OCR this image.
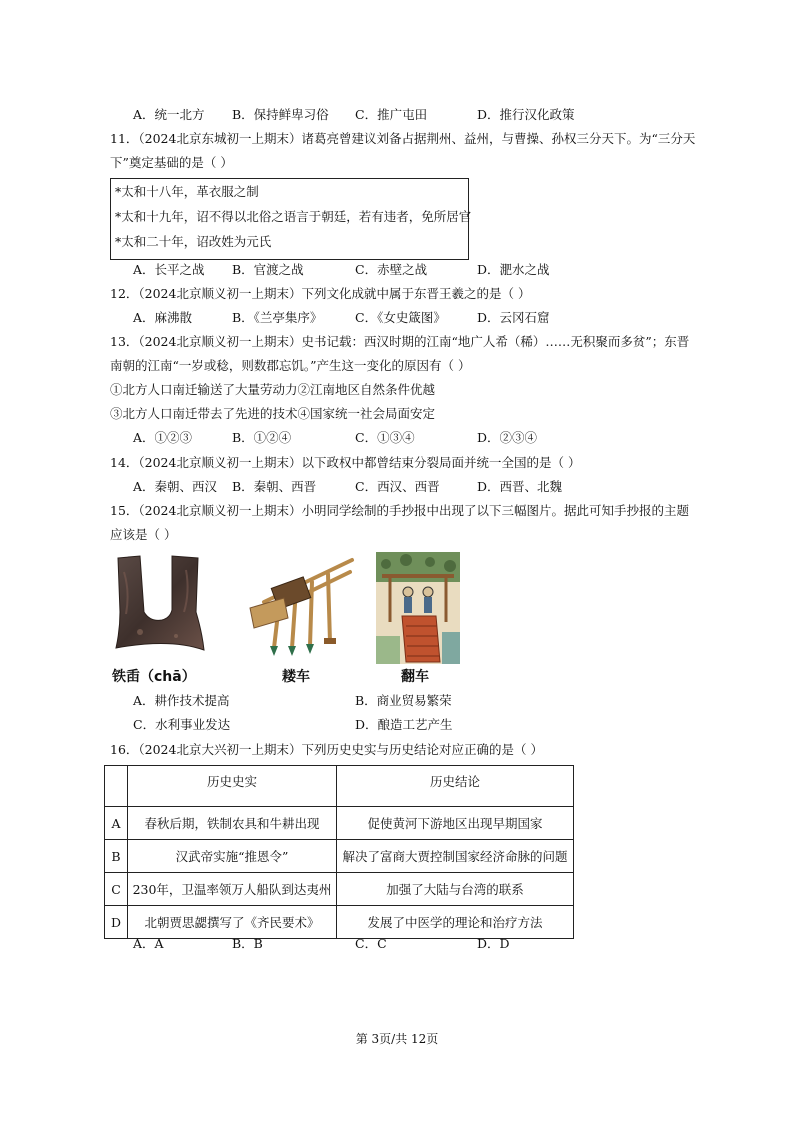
A．统一北方 B．保持鲜卑习俗 C．推广屯田	D．推行汉化政策
11．（2024北京东城初一上期末）诸葛亮曾建议刘备占据荆州、益州，与曹操、孙权三分天下。为“三分天
下”奠定基础的是（ ）
*太和十八年，革衣服之制
*太和十九年，诏不得以北俗之语言于朝廷，若有违者，免所居官
*太和二十年，诏改姓为元氏
A．长平之战 B．官渡之战	C．赤壁之战	D．淝水之战
12．（2024北京顺义初一上期末）下列文化成就中属于东晋王羲之的是（ ）
A．麻沸散	B．《兰亭集序》	C．《女史箴图》 D．云冈石窟
13．（2024北京顺义初一上期末）史书记载：西汉时期的江南“地广人希（稀）……无积聚而多贫”；东晋
南朝的江南“一岁或稔，则数郡忘饥。”产生这一变化的原因有（ ）
①北方人口南迁输送了大量劳动力②江南地区自然条件优越
③北方人口南迁带去了先进的技术④国家统一社会局面安定
A．①②③	B．①②④	C．①③④	D．②③④
14．（2024北京顺义初一上期末）以下政权中都曾结束分裂局面并统一全国的是（ ）
A．秦朝、西汉 B．秦朝、西晋	C．西汉、西晋	D．西晋、北魏
15．（2024北京顺义初一上期末）小明同学绘制的手抄报中出现了以下三幅图片。据此可知手抄报的主题
应该是（ ）
铁臿（chā）	耧车	翻车
A．耕作技术提高	B．商业贸易繁荣
C．水利事业发达	D．酿造工艺产生
16．（2024北京大兴初一上期末）下列历史史实与历史结论对应正确的是（ ）
	历史史实	历史结论
A	春秋后期，铁制农具和牛耕出现	促使黄河下游地区出现早期国家
B	汉武帝实施“推恩令”	解决了富商大贾控制国家经济命脉的问题
C	230年，卫温率领万人船队到达夷州	加强了大陆与台湾的联系
D	北朝贾思勰撰写了《齐民要术》	发展了中医学的理论和治疗方法
A．A	B．B	C．C	D．D
第 3页/共 12页
